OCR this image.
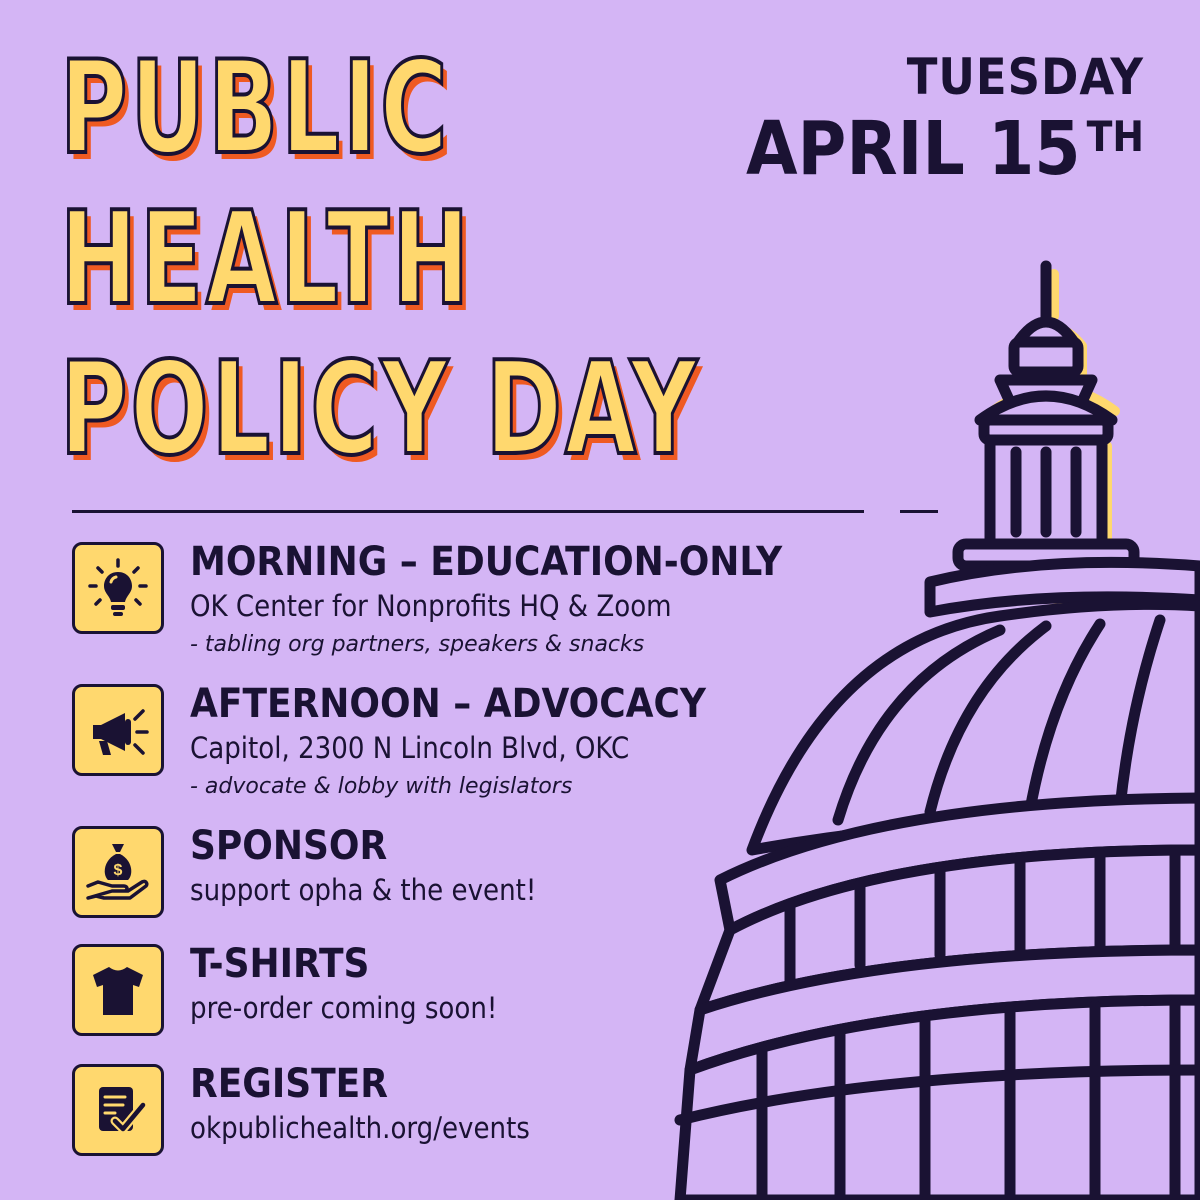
PUBLIC
HEALTH
POLICY DAY
TUESDAY
APRIL 15 $^{TH}$
MORNING – EDUCATION-ONLY
OK Center for Nonprofits HQ & Zoom
- tabling org partners, speakers & snacks
AFTERNOON – ADVOCACY
Capitol, 2300 N Lincoln Blvd, OKC
- advocate & lobby with legislators
$
SPONSOR
support opha & the event!
T-SHIRTS
pre-order coming soon!
REGISTER
okpublichealth.org/events
